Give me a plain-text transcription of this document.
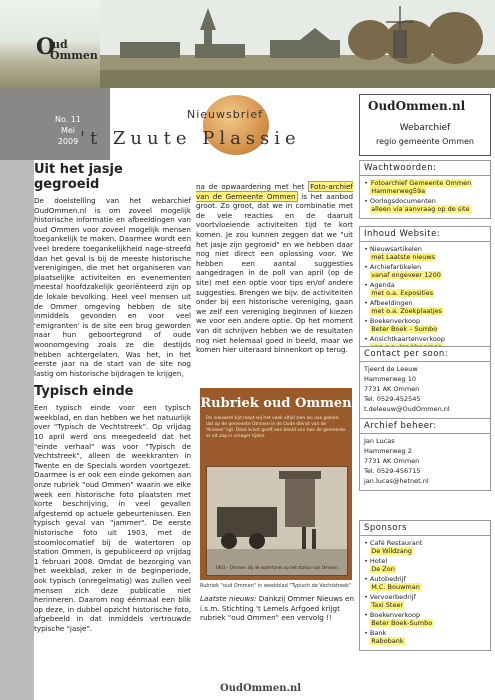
O
ud
Ommen
No. 11
Mei
2009
Nieuwsbrief
't Zuute Plassie
OudOmmen.nl
Webarchief
regio gemeente Ommen
Wachtwoorden:
• Fotoarchief Gemeente Ommen
Hammerweg59a
• Oorlogsdocumenten
alleen via aanvraag op de site
Inhoud Website:
• Nieuwsartikelen
met Laatste nieuws
• Archiefartikelen
vanaf ongeveer 1200
• Agenda
met o.a. Exposities
• Afbeeldingen
met o.a. Zoekplaatjes
• Boekenverkoop
Beter Boek – Sumbo
• Ansichtkaartenverkoop

Contact per soon:
Tjeerd de Leeuw
Hammerweg 10
7731 AK Ommen
Tel. 0529-452545
t.deleeuw@OudOmmen.nl
Archief beheer:
Jan Lucas
Hammerweg 2
7731 AK Ommen
Tel. 0529-456715
jan.lucas@hetnet.nl
Sponsors
• Café Restaurant
De Wildzang
• Hotel
De Zon
• Autobedrijf
M.C. Bouwman
• Vervoerbedrijf
Taxi Steer
• Boekenverkoop
Beter Boek-Sumbo
• Bank
Rabobank
Uit het jasje gegroeid

De doelstelling van het webarchief OudOmmen.nl is om zoveel mogelijk historische informatie en afbeeldingen van oud Ommen voor zoveel mogelijk mensen toegankelijk te maken. Daarmee wordt een veel bredere toegankelijkheid nage-streefd dan het geval is bij de meeste historische verenigingen, die met het organiseren van plaatselijke activiteiten en evenementen meestal hoofdzakelijk georiënteerd zijn op de lokale bevolking. Heel veel mensen uit de Ommer omgeving hebben de site inmiddels gevonden en voor veel 'emigranten' is de site een brug geworden naar hun geboortegrond of oude woonomgeving zoals ze die destijds hebben achtergelaten. Was het, in het eerste jaar na de start van de site nog lastig om historische bijdragen te krijgen,

Typisch einde

Een typisch einde voor een typisch weekblad, en dan hebben we het natuurlijk over "Typisch de Vechtstreek". Op vrijdag 10 april werd ons meegedeeld dat het "einde verhaal" was voor "Typisch de Vechtstreek", alleen de weekkranten in Twente en de Specials worden voortgezet. Daarmee is er ook een einde gekomen aan onze rubriek "oud Ommen" waarin we elke week een historische foto plaatsten met korte beschrijving, in veel gevallen afgestemd op actuele gebeurtenissen. Een typisch geval van "jammer". De eerste historische foto uit 1903, met de stoomlocomatief bij de watertoren op station Ommen, is gepubliceerd op vrijdag 1 februari 2008. Omdat de bezorging van het weekblad, zeker in de beginperiode, ook typisch (onregelmatig) was zullen veel mensen zich deze publicatie niet herinneren. Daarom nog éénmaal een blik op deze, in dubbel opzicht historische foto, afgebeeld in dat inmiddels vertrouwde typische "jasje".

na de opwaardering met het Foto-archief van de Gemeente Ommen is het aanbod groot. Zo groot, dat we in combinatie met de vele reacties en de daaruit voortvloeiende activiteiten tijd te kort komen. Je zou kunnen zeggen dat we "uit het jasje zijn gegroeid" en we hebben daar nog niet direct een oplossing voor. We hebben een aantal suggesties aangedragen in de poll van april (op de site) met een optie voor tips en/of andere suggesties. Brengen we bijv. de activiteiten onder bij een historische vereniging, gaan we zelf een vereniging beginnen of kiezen we voor een andere optie. Op het moment van dit schrijven hebben we de resultaten nog niet helemaal goed in beeld, maar we komen hier uiteraard binnenkort op terug.

Rubriek oud Ommen
De nieuwste tijd roept wij het vaak altijd zien als ook gebied dat op de gemeente Ommen in de Oude dienst van de 'Kronkel' ligt. Deze krant geeft een beeld van hoe de gemeente er uit zag in vroeger tijden.
1903 – Ommen. Bij de watertoren op het station van Ommen.
Rubriek "oud Ommen" in weekblad "Typisch de Vechtstreek"
Laatste nieuws: Dankzij Ommer Nieuws en i.s.m. Stichting 't Lemels Arfgoed krijgt rubriek "oud Ommen" een vervolg !!
OudOmmen.nl
